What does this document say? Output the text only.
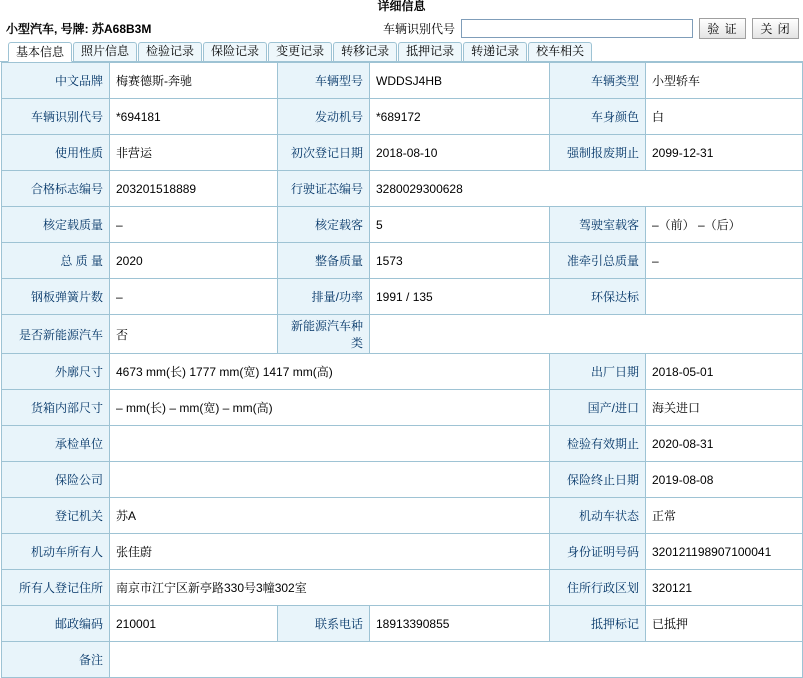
详细信息
小型汽车, 号牌: 苏A68B3M	车辆识别代号	验 证	关 闭
基本信息	照片信息	检验记录	保险记录	变更记录	转移记录	抵押记录	转递记录	校车相关
中文品牌	梅赛德斯-奔驰	车辆型号	WDDSJ4HB	车辆类型	小型轿车
车辆识别代号	*694181	发动机号	*689172	车身颜色	白
使用性质	非营运	初次登记日期	2018-08-10	强制报废期止	2099-12-31
合格标志编号	203201518889	行驶证芯编号	3280029300628		
核定载质量	–	核定载客	5	驾驶室载客	–（前） –（后）
总 质 量	2020	整备质量	1573	准牵引总质量	–
钢板弹簧片数	–	排量/功率	1991 / 135	环保达标	
是否新能源汽车	否	新能源汽车种类			
外廓尺寸	4673 mm(长) 1777 mm(宽) 1417 mm(高)			出厂日期	2018-05-01
货箱内部尺寸	– mm(长) – mm(宽) – mm(高)			国产/进口	海关进口
承检单位				检验有效期止	2020-08-31
保险公司				保险终止日期	2019-08-08
登记机关	苏A			机动车状态	正常
机动车所有人	张佳蔚			身份证明号码	320121198907100041
所有人登记住所	南京市江宁区新亭路330号3幢302室			住所行政区划	320121
邮政编码	210001	联系电话	18913390855	抵押标记	已抵押
备注					
